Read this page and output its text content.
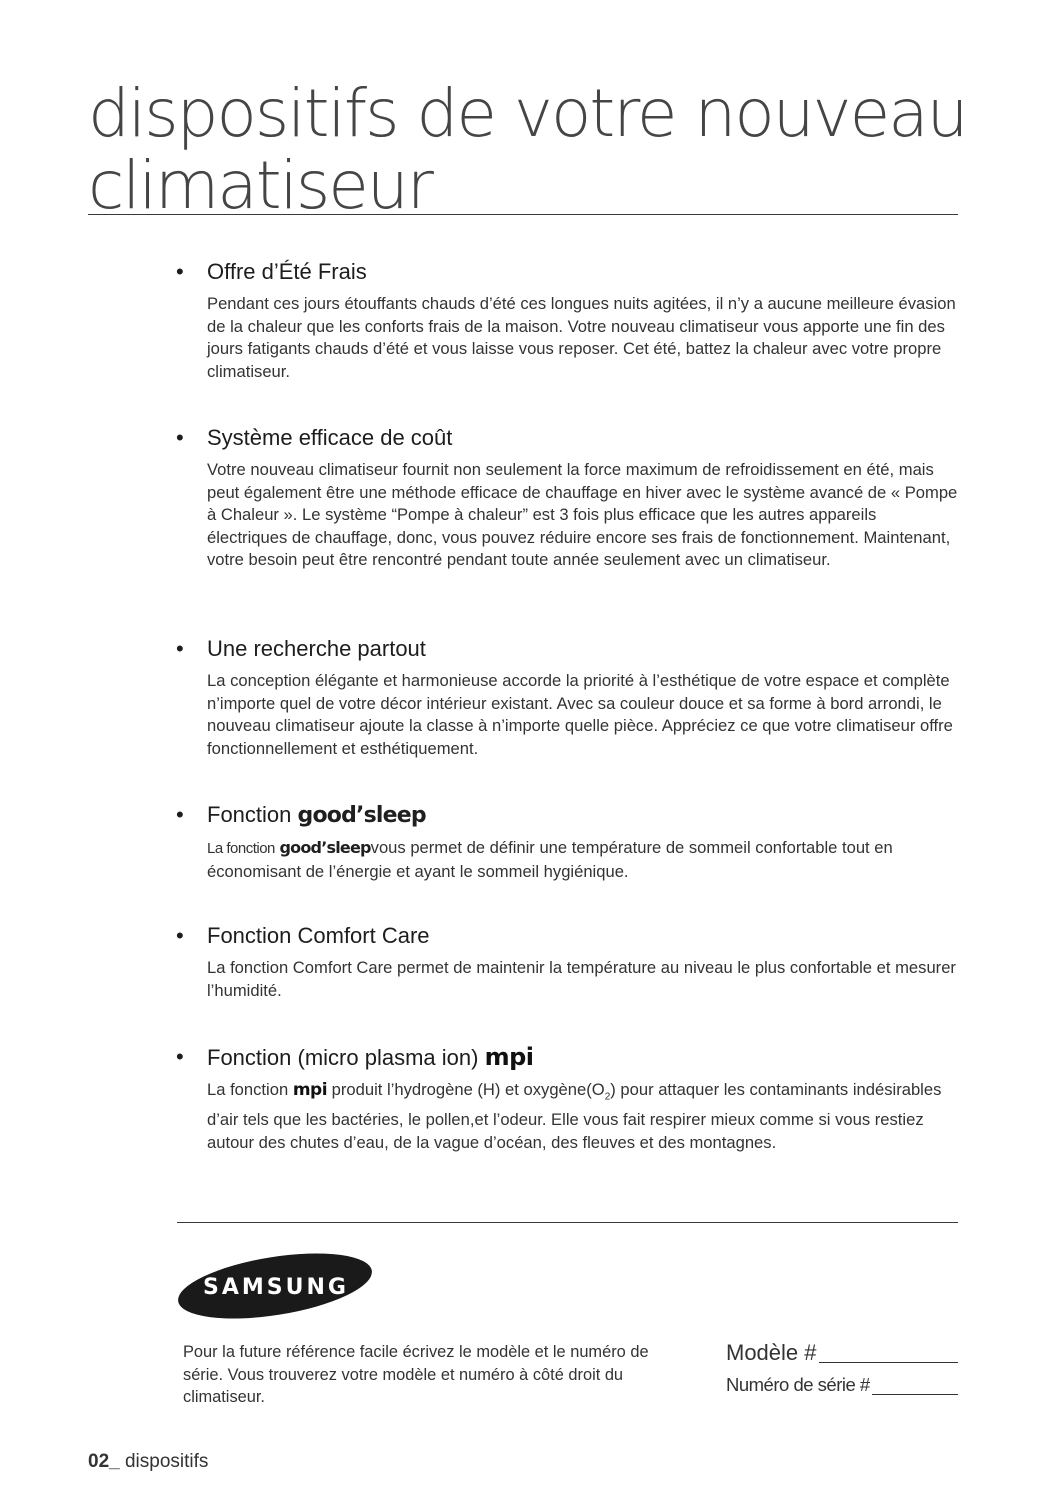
dispositifs de votre nouveau
climatiseur
• Offre d’Été Frais

Pendant ces jours étouffants chauds d’été ces longues nuits agitées, il n’y a aucune meilleure évasion de la chaleur que les conforts frais de la maison. Votre nouveau climatiseur vous apporte une fin des jours fatigants chauds d’été et vous laisse vous reposer. Cet été, battez la chaleur avec votre propre climatiseur.

• Système efficace de coût

Votre nouveau climatiseur fournit non seulement la force maximum de refroidissement en été, mais peut également être une méthode efficace de chauffage en hiver avec le système avancé de « Pompe à Chaleur ». Le système “Pompe à chaleur” est 3 fois plus efficace que les autres appareils électriques de chauffage, donc, vous pouvez réduire encore ses frais de fonctionnement. Maintenant, votre besoin peut être rencontré pendant toute année seulement avec un climatiseur.

• Une recherche partout

La conception élégante et harmonieuse accorde la priorité à l’esthétique de votre espace et complète n’importe quel de votre décor intérieur existant. Avec sa couleur douce et sa forme à bord arrondi, le nouveau climatiseur ajoute la classe à n’importe quelle pièce. Appréciez ce que votre climatiseur offre fonctionnellement et esthétiquement.

• Fonction good’sleep

La fonction good’sleepvous permet de définir une température de sommeil confortable tout en économisant de l’énergie et ayant le sommeil hygiénique.

• Fonction Comfort Care

La fonction Comfort Care permet de maintenir la température au niveau le plus confortable et mesurer l’humidité.

• Fonction (micro plasma ion) mpi

La fonction mpi produit l’hydrogène (H) et $oxygène(O_2)$ pour attaquer les contaminants indésirables d’air tels que les bactéries, le pollen,et l’odeur. Elle vous fait respirer mieux comme si vous restiez autour des chutes d’eau, de la vague d’océan, des fleuves et des montagnes.

SAMSUNG

Pour la future référence facile écrivez le modèle et le numéro de série. Vous trouverez votre modèle et numéro à côté droit du climatiseur.

Modèle #
Numéro de série #
02_ dispositifs
